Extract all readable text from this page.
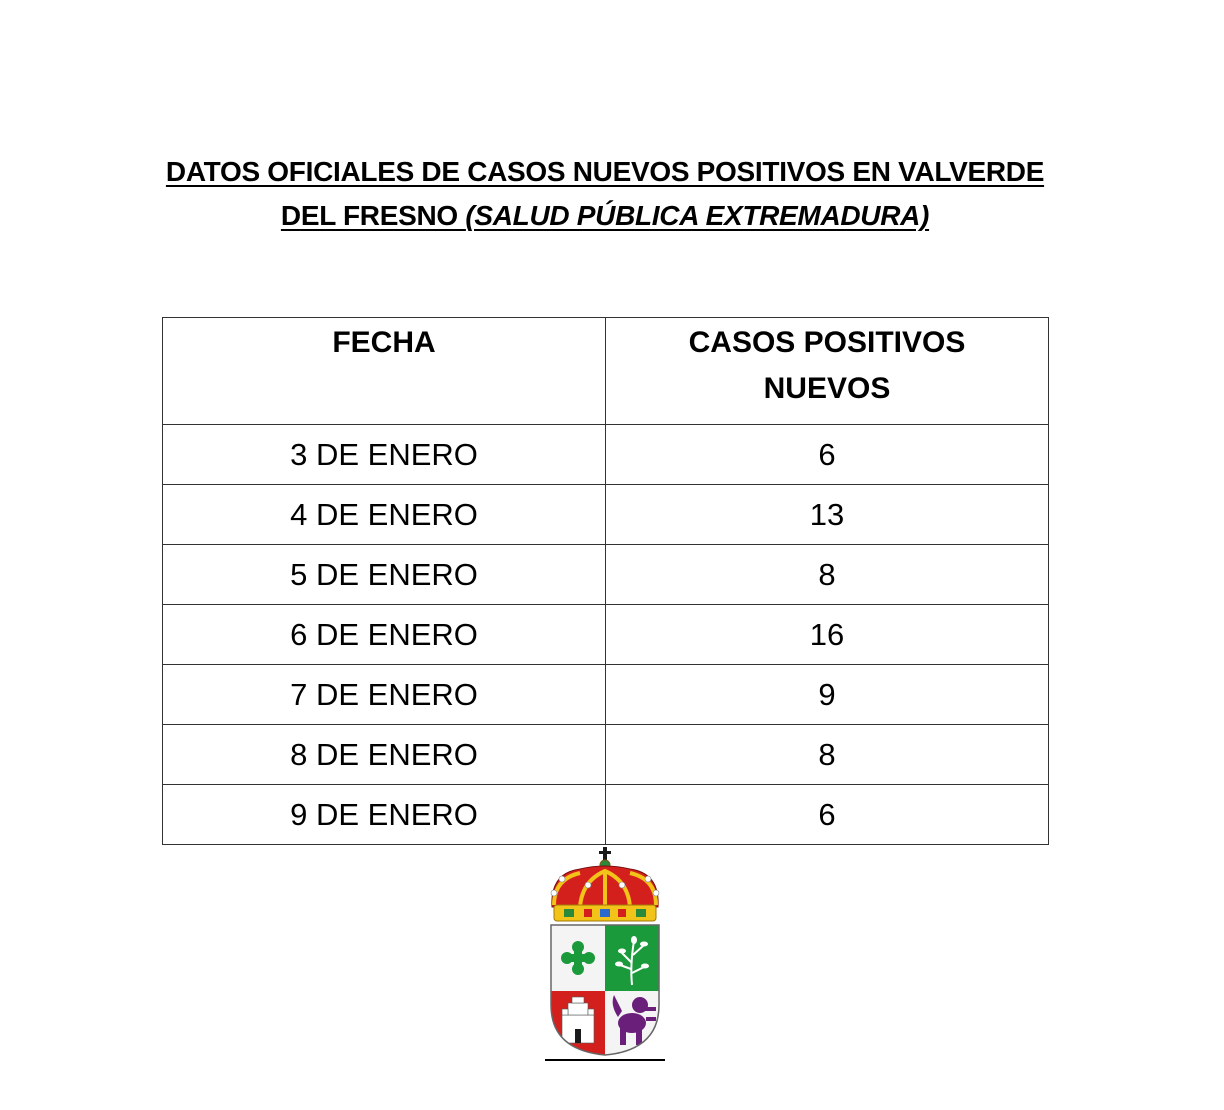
DATOS OFICIALES DE CASOS NUEVOS POSITIVOS EN VALVERDE
DEL FRESNO (SALUD PÚBLICA EXTREMADURA)
FECHA	CASOS POSITIVOS
NUEVOS
3 DE ENERO	6
4 DE ENERO	13
5 DE ENERO	8
6 DE ENERO	16
7 DE ENERO	9
8 DE ENERO	8
9 DE ENERO	6
